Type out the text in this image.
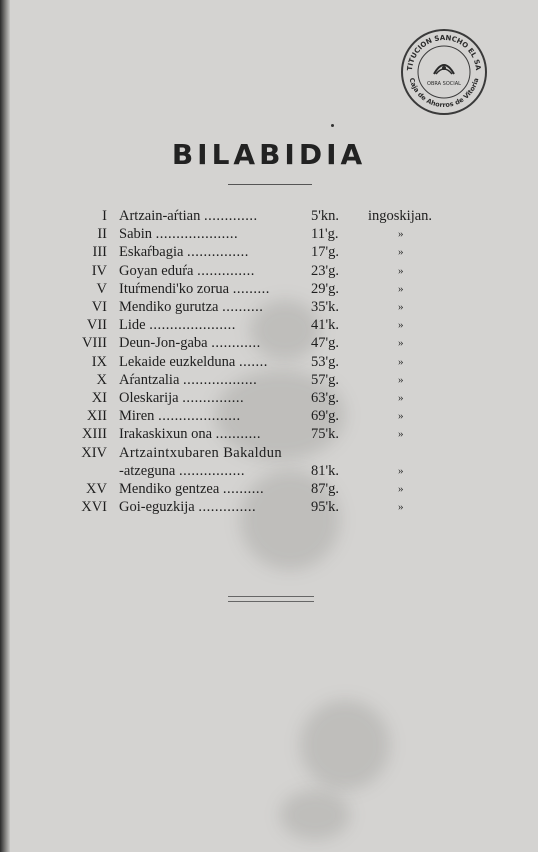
TITUCION SANCHO EL SA
Caja de Ahorros de Vitoria
OBRA SOCIAL
BILABIDIA
I Artzain-aŕtian .............	5'kn. ingoskijan.
II Sabin ....................	11'g.	»
III Eskaŕbagia ...............	17'g.	»
IV Goyan eduŕa ..............	23'g.	»
V Ituŕmendi'ko zorua .........	29'g.	»
VI Mendiko gurutza ..........	35'k.	»
VII Lide .....................	41'k.	»
VIII Deun-Jon-gaba ............	47'g.	»
IX Lekaide euzkelduna .......	53'g.	»
X Aŕantzalia ..................	57'g.	»
XI Oleskarija ...............	63'g.	»
XII Miren ....................	69'g.	»
XIII Irakaskixun ona ...........	75'k.	»
XIV Artzaintxubaren Bakaldun
-atzeguna ................	81'k.	»
XV Mendiko gentzea ..........	87'g.	»
XVI Goi-eguzkija ..............	95'k.	»
